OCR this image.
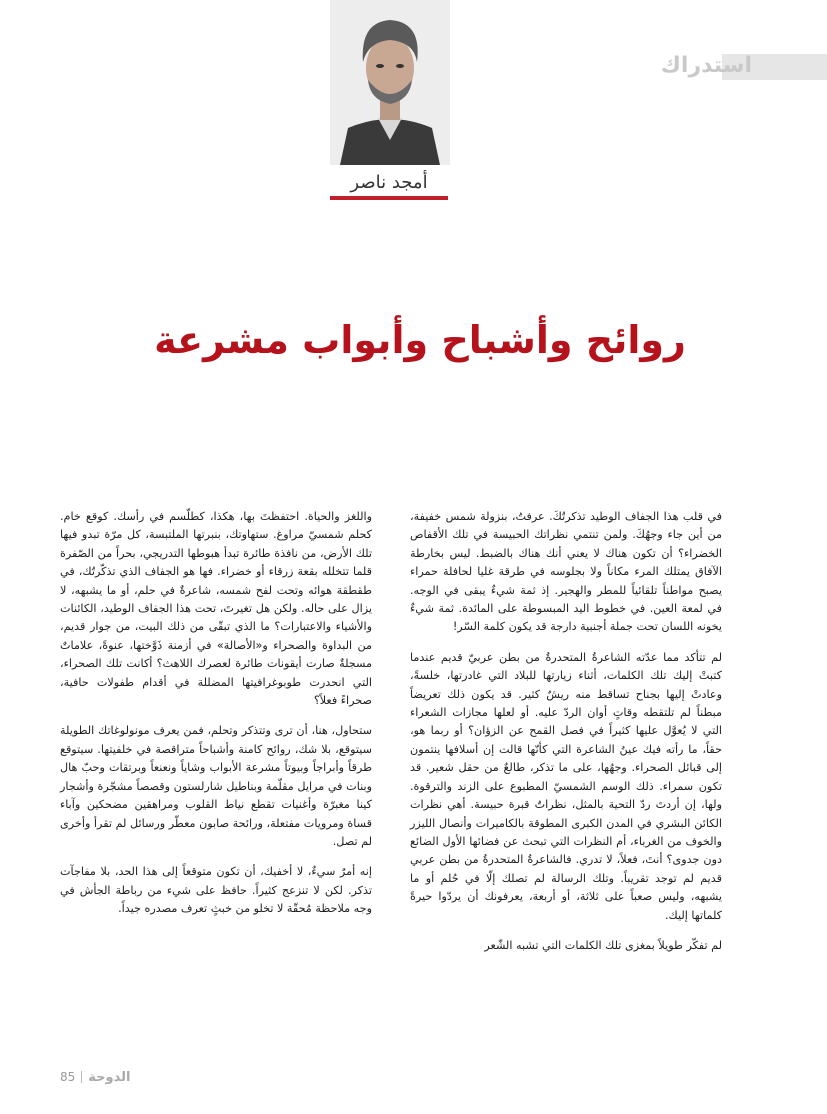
استدراك
أمجد ناصر
روائح وأشباح وأبواب مشرعة

في قلب هذا الجفاف الوطيد تذكرتُكَ. عرفتُ، بنزولة شمس خفيفة، من أين جاء وجهُكَ. ولمن تنتمي نظراتك الحبيسة في تلك الأقفاص الخضراء؟ أن تكون هناك لا يعني أنك هناك بالضبط. ليس بخارطة الآفاق يمتلك المرء مكاناً ولا بجلوسه في طرقة غليا لحافلة حمراء يصبح مواطناً تلقائياً للمطر والهجير. إذ ثمة شيءٌ يبقى في الوجه. في لمعة العين. في خطوط اليد المبسوطة على المائدة. ثمة شيءٌ يخونه اللسان تحت جملة أجنبية دارجة قد يكون كلمة السّر!

لم تتأكد مما عدّته الشاعرةُ المتحدرةُ من بطن عربيّ قديم عندما كتبتْ إليك تلك الكلمات، أثناء زيارتها للبلاد التي غادرتها، خلسةً، وعادتْ إليها بجناح تساقط منه ريشٌ كثير. قد يكون ذلك تعريضاً مبطناً لم تلتقطه وقاتٍ أوان الردّ عليه. أو لعلها مجازات الشعراء التي لا يُعوَّل عليها كثيراً في فصل القمح عن الزؤان؟ أو ربما هو، حقاً، ما رأته فيك عينُ الشاعرة التي كأنّها قالت إن أسلافها ينتمون إلى قبائل الصحراء. وجهُها، على ما تذكر، طالعٌ من حقل شعير. قد تكون سمراء. ذلك الوسم الشمسيّ المطبوع على الزند والترقوة. ولها، إن أردتَ ردّ التحية بالمثل، نظراتٌ قبرة حبيسة. أهي نظرات الكائن البشري في المدن الكبرى المطوقة بالكاميرات وأنصال الليزر والخوف من الغرباء، أم النظرات التي تبحث عن فضائها الأول الضائع دون جدوى؟ أنتَ، فعلاً، لا تدري. فالشاعرةُ المتحدرةُ من بطن عربي قديم لم توجد تقريباً. وتلك الرسالة لم تصلك إلّا في حُلم أو ما يشبهه، وليس صعباً على ثلاثة، أو أربعة، يعرفونك أن يردّوا حيرةً كلماتها إليك.

لم تفكّر طويلاً بمغزى تلك الكلمات التي تشبه الشّعر

واللغز والحياة. احتفظتَ بها، هكذا، كطلّسم في رأسك. كوقع خام. كحلم شمسيّ مراوغ. ستهاوتك، بنبرتها الملتبسة، كل مرّة تبدو فيها تلك الأرض، من نافذة طائرة تبدأ هبوطها التدريجي، بحراً من الصّفرة قلما تتخلله بقعة زرقاء أو خضراء. فها هو الجفاف الذي تذكّرتُك، في طقطقة هوائه وتحت لفح شمسه، شاعرةٌ في حلم، أو ما يشبهه، لا يزال على حاله. ولكن هل تغيرتَ، تحت هذا الجفاف الوطيد، الكائنات والأشياء والاعتبارات؟ ما الذي تبقّى من ذلك البيت، من جوار قديم، من البداوة والصحراء و«الأصالة» في أزمنة ذَوَّختها، عنوةً، علاماتٌ مسجلةٌ صارت أيقونات طائرة لعصرك اللاهث؟ أكانت تلك الصحراء، التي انحدرت طوبوغرافيتها المضللة في أقدام طفولات حافية، صحراءً فعلاً؟

ستحاول، هنا، أن ترى وتتذكر وتحلم، فمن يعرف مونولوغاتك الطويلة سيتوقع، بلا شك، روائح كامنة وأشباحاً متراقصة في خلفيتها. سيتوقع طرقاً وأبراجاً وبيوتاً مشرعة الأبواب وشاياً ونعنعاً وبرتقات وحبّ هال وبنات في مرايل مقلّمة وبناطيل شارلستون وقصصاً مشجّرة وأشجار كينا مغبرّة وأغنيات تقطع نياط القلوب ومراهقين مضحكين وآباء قساة ومرويات مفتعلة، ورائحة صابون معطّر ورسائل لم تقرأ وأخرى لم تصل.

إنه أمرٌ سيءٌ، لا أخفيك، أن تكون متوقعاً إلى هذا الحد، بلا مفاجآت تذكر. لكن لا تنزعج كثيراً. حافظ على شيء من رباطة الجأش في وجه ملاحظة مُحقّة لا تخلو من خبثٍ تعرف مصدره جيداً.

85 الدوحة
